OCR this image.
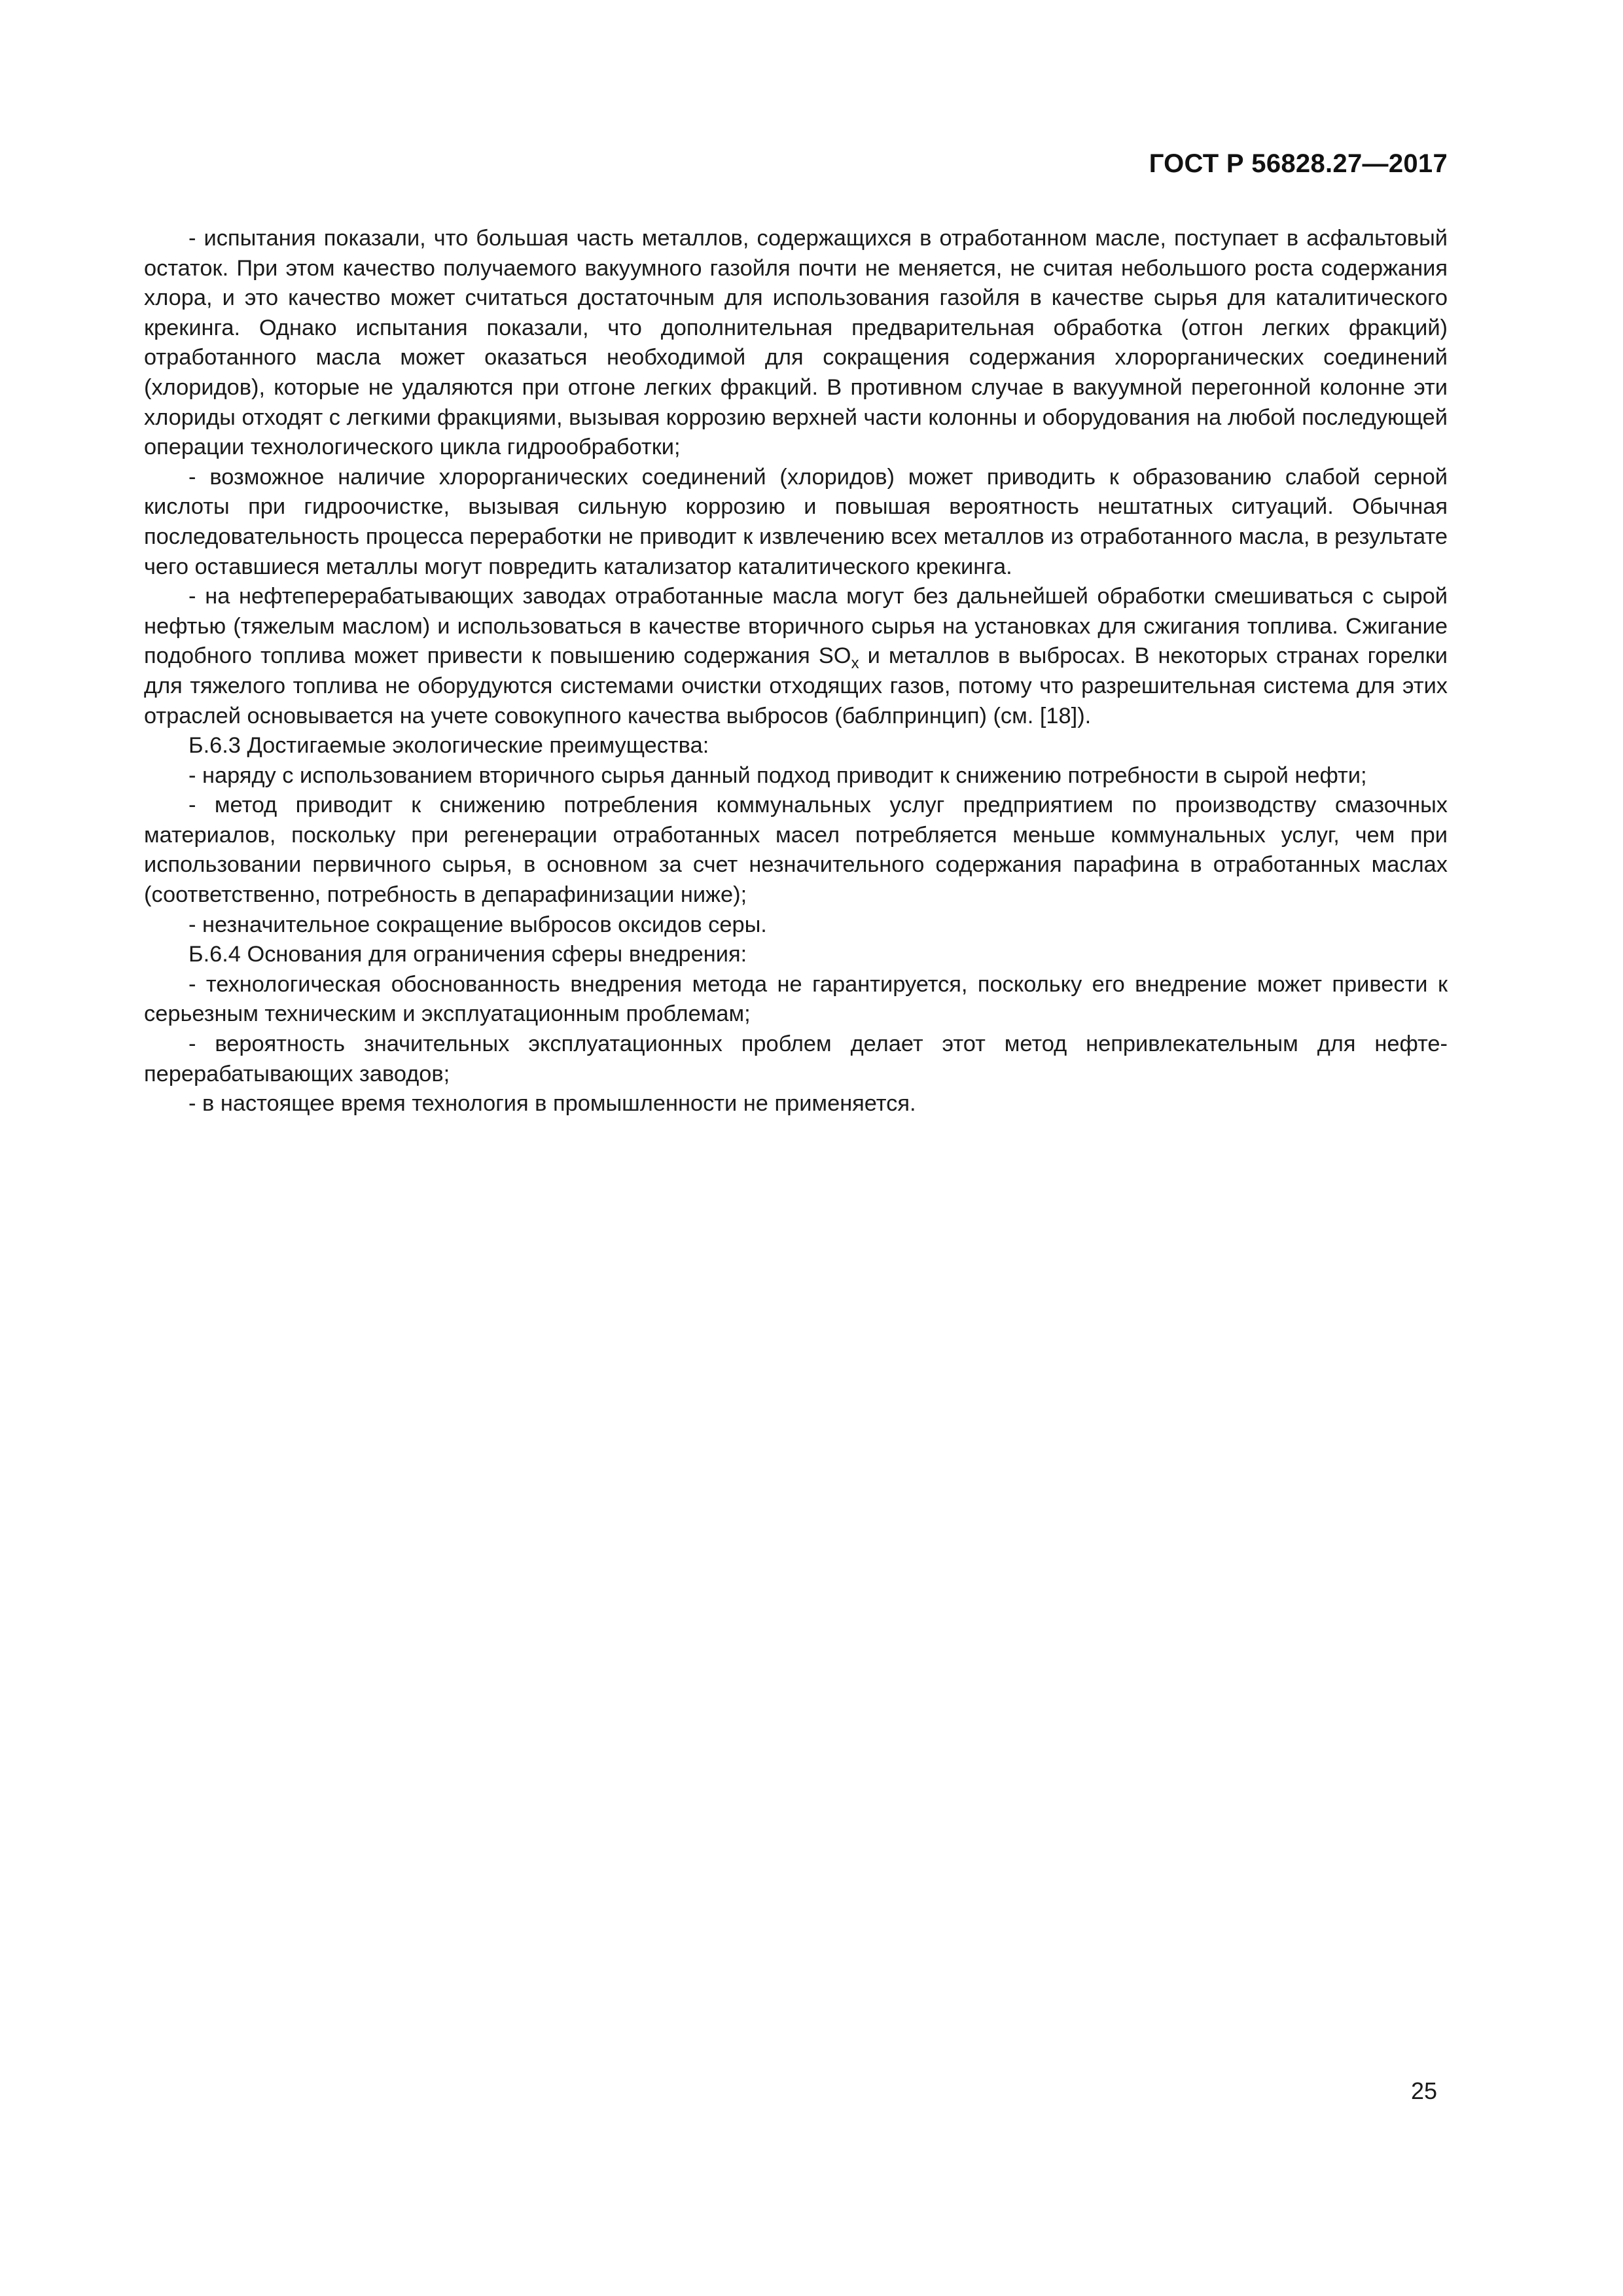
ГОСТ Р 56828.27—2017

- испытания показали, что большая часть металлов, содержащихся в отработанном масле, поступает в асфальтовый остаток. При этом качество получаемого вакуумного газойля почти не меняется, не считая небольшого роста содержания хлора, и это качество может считаться достаточным для использования газойля в качестве сырья для каталитического крекинга. Однако испытания показали, что дополнительная предварительная обработка (отгон легких фракций) отработанного масла может оказаться необходимой для сокращения содержания хлорорганических соединений (хлоридов), которые не удаляются при отгоне легких фракций. В противном случае в вакуумной перегонной колонне эти хлориды отходят с легкими фракциями, вызывая коррозию верхней части колонны и оборудования на любой последующей операции технологического цикла гидрообработки;

- возможное наличие хлорорганических соединений (хлоридов) может приводить к образованию слабой серной кислоты при гидроочистке, вызывая сильную коррозию и повышая вероятность нештатных ситуаций. Обычная последовательность процесса переработки не приводит к извлечению всех металлов из отработанного масла, в результате чего оставшиеся металлы могут повредить катализатор каталитического крекинга.

- на нефтеперерабатывающих заводах отработанные масла могут без дальнейшей обработки смешиваться с сырой нефтью (тяжелым маслом) и использоваться в качестве вторичного сырья на установках для сжигания топлива. Сжигание подобного топлива может привести к повышению содержания $SO_x$ и металлов в выбросах. В некоторых странах горелки для тяжелого топлива не оборудуются системами очистки отходящих газов, потому что разрешительная система для этих отраслей основывается на учете совокупного качества выбросов (баблпринцип) (см. [18]).

Б.6.3 Достигаемые экологические преимущества:

- наряду с использованием вторичного сырья данный подход приводит к снижению потребности в сырой нефти;

- метод приводит к снижению потребления коммунальных услуг предприятием по производству смазочных материалов, поскольку при регенерации отработанных масел потребляется меньше коммунальных услуг, чем при использовании первичного сырья, в основном за счет незначительного содержания парафина в отработанных маслах (соответственно, потребность в депарафинизации ниже);

- незначительное сокращение выбросов оксидов серы.

Б.6.4 Основания для ограничения сферы внедрения:

- технологическая обоснованность внедрения метода не гарантируется, поскольку его внедрение может привести к серьезным техническим и эксплуатационным проблемам;

- вероятность значительных эксплуатационных проблем делает этот метод непривлекательным для нефтеперерабатывающих заводов;

- в настоящее время технология в промышленности не применяется.

25
